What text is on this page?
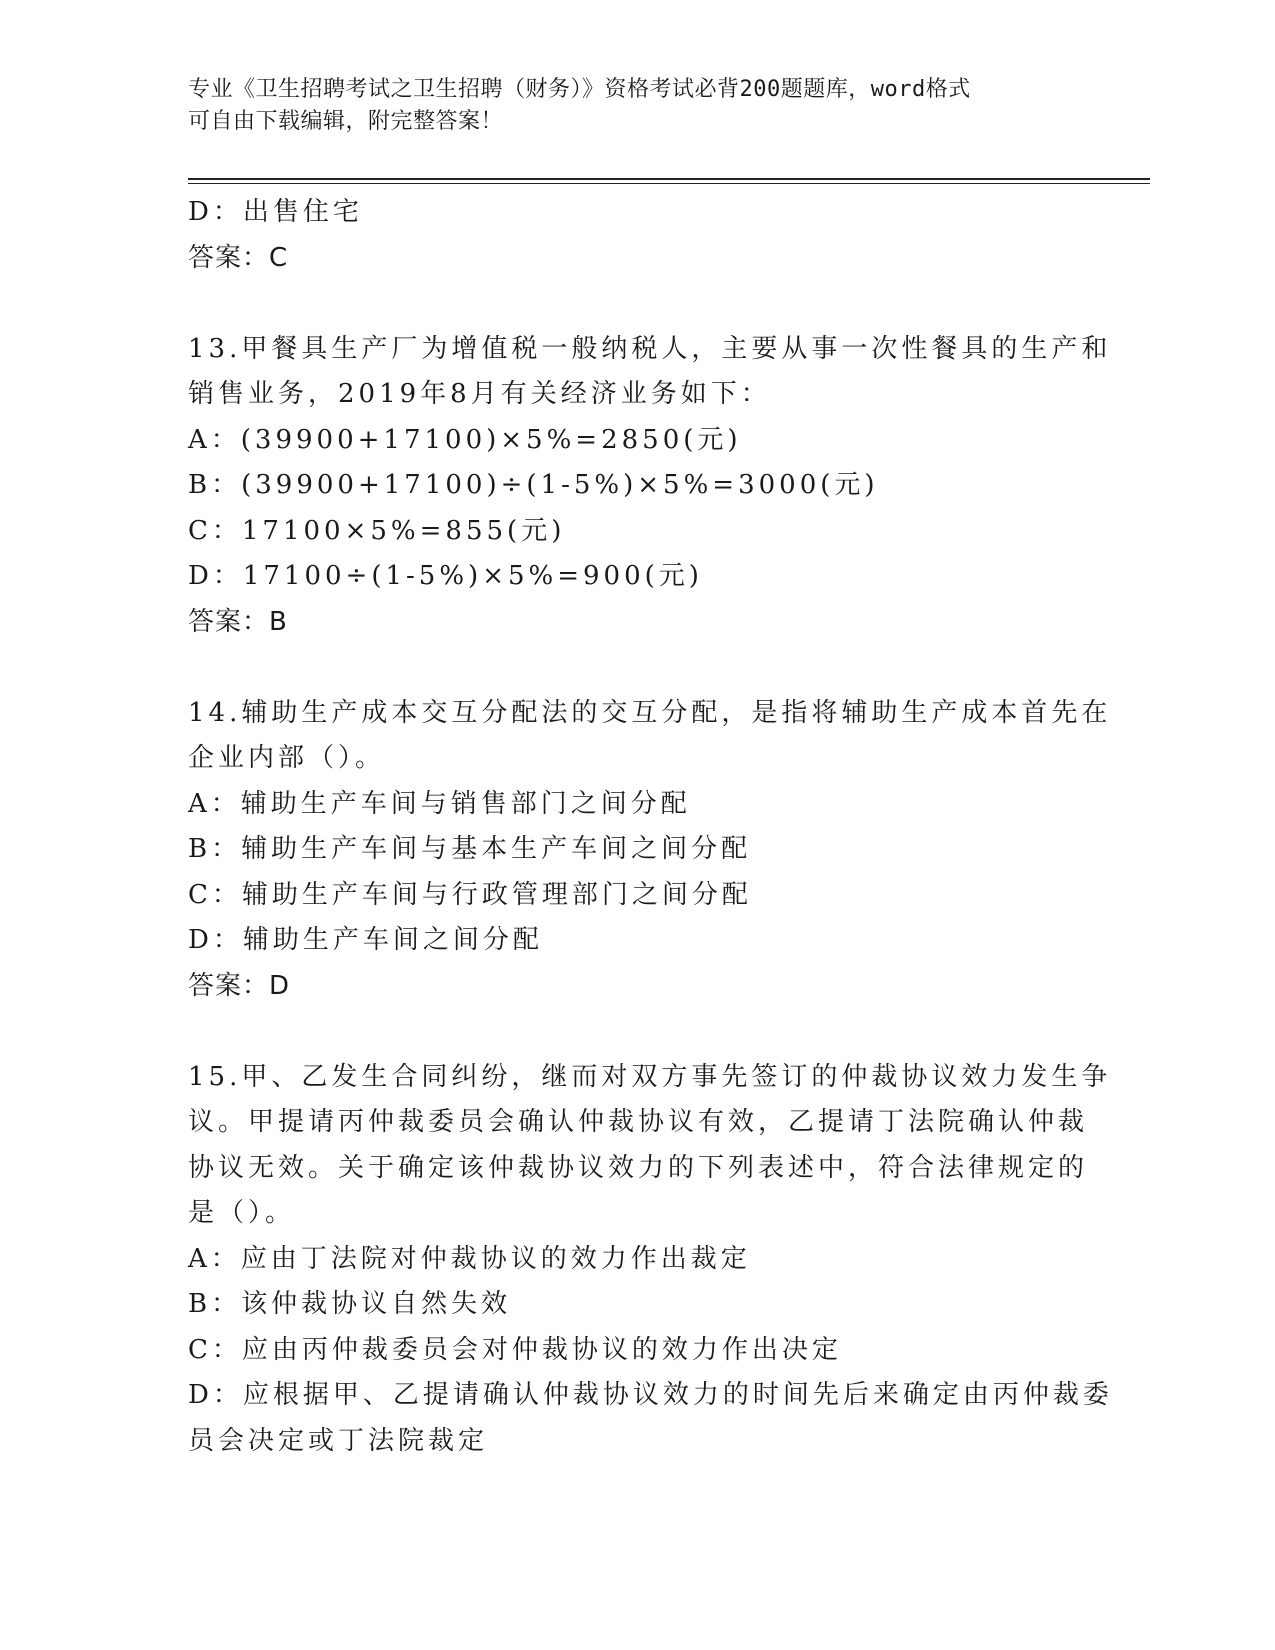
专业《卫生招聘考试之卫生招聘（财务）》资格考试必背200题题库，word格式
可自由下载编辑，附完整答案！
D：出售住宅
答案：C
13.甲餐具生产厂为增值税一般纳税人，主要从事一次性餐具的生产和
销售业务，2019年8月有关经济业务如下：
A：(39900+17100)×5%=2850(元)
B：(39900+17100)÷(1-5%)×5%=3000(元)
C：17100×5%=855(元)
D：17100÷(1-5%)×5%=900(元)
答案：B
14.辅助生产成本交互分配法的交互分配，是指将辅助生产成本首先在
企业内部（）。
A：辅助生产车间与销售部门之间分配
B：辅助生产车间与基本生产车间之间分配
C：辅助生产车间与行政管理部门之间分配
D：辅助生产车间之间分配
答案：D
15.甲、乙发生合同纠纷，继而对双方事先签订的仲裁协议效力发生争
议。甲提请丙仲裁委员会确认仲裁协议有效，乙提请丁法院确认仲裁
协议无效。关于确定该仲裁协议效力的下列表述中，符合法律规定的
是（）。
A：应由丁法院对仲裁协议的效力作出裁定
B：该仲裁协议自然失效
C：应由丙仲裁委员会对仲裁协议的效力作出决定
D：应根据甲、乙提请确认仲裁协议效力的时间先后来确定由丙仲裁委
员会决定或丁法院裁定
